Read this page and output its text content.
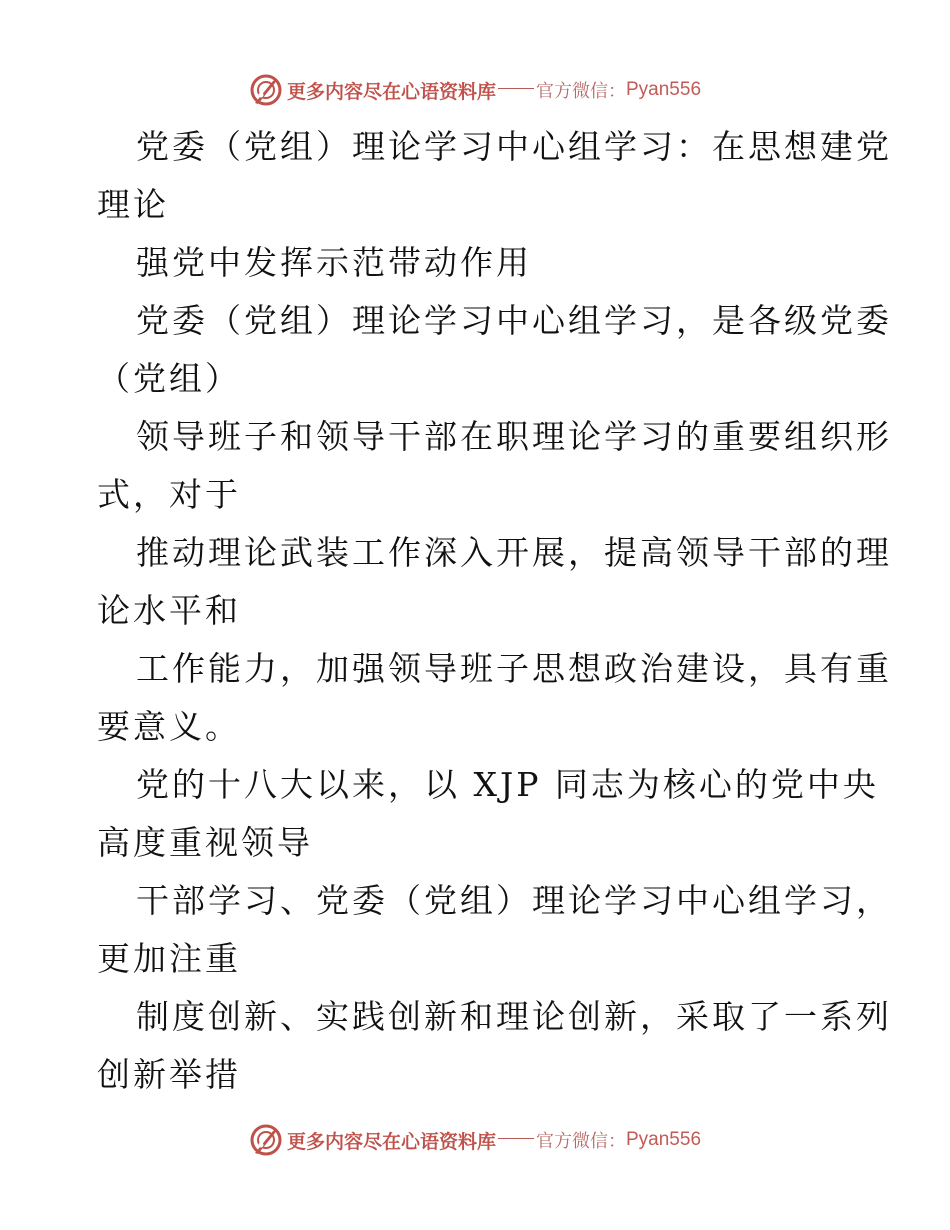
更多内容尽在心语资料库 官方微信： Pyan556
党委（党组）理论学习中心组学习：在思想建党
理论
强党中发挥示范带动作用
党委（党组）理论学习中心组学习，是各级党委
（党组）
领导班子和领导干部在职理论学习的重要组织形
式，对于
推动理论武装工作深入开展，提高领导干部的理
论水平和
工作能力，加强领导班子思想政治建设，具有重
要意义。
党的十八大以来，以 XJP 同志为核心的党中央
高度重视领导
干部学习、党委（党组）理论学习中心组学习，
更加注重
制度创新、实践创新和理论创新，采取了一系列
创新举措
更多内容尽在心语资料库 官方微信： Pyan556
